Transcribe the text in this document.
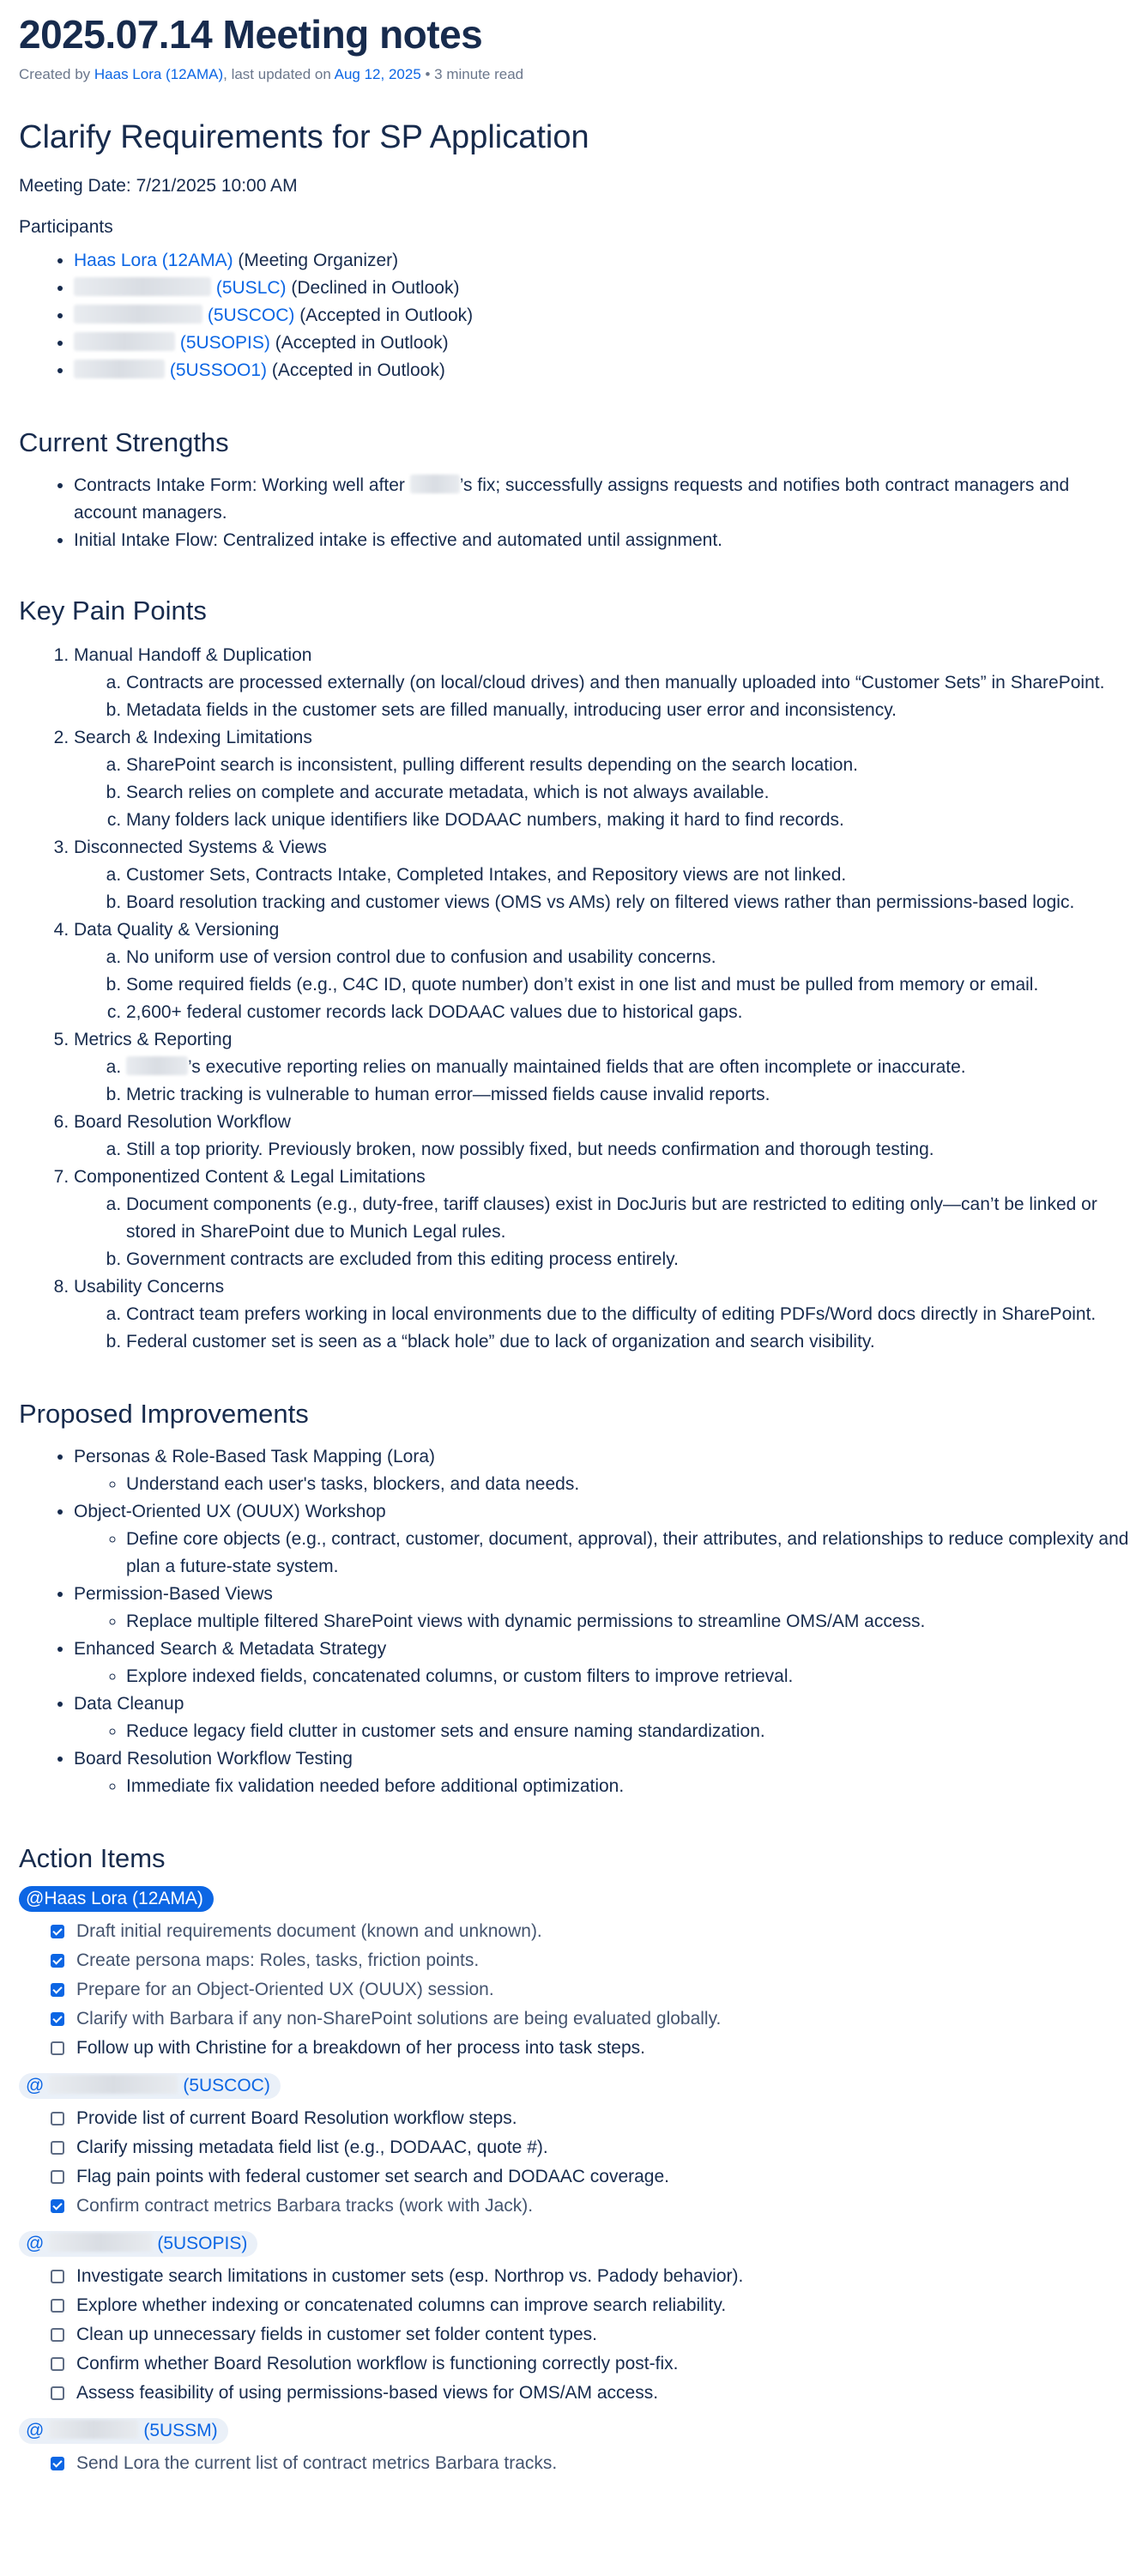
2025.07.14 Meeting notes
Created by Haas Lora (12AMA), last updated on Aug 12, 2025 • 3 minute read
Clarify Requirements for SP Application

Meeting Date: 7/21/2025 10:00 AM

Participants

• Haas Lora (12AMA) (Meeting Organizer)
• (5USLC) (Declined in Outlook)
• (5USCOC) (Accepted in Outlook)
• (5USOPIS) (Accepted in Outlook)
• (5USSOO1) (Accepted in Outlook)
Current Strengths
• Contracts Intake Form: Working well after	’s fix; successfully assigns requests and notifies both contract managers and account managers.
• Initial Intake Flow: Centralized intake is effective and automated until assignment.
Key Pain Points
1. Manual Handoff & Duplication
a. Contracts are processed externally (on local/cloud drives) and then manually uploaded into “Customer Sets” in SharePoint.
b. Metadata fields in the customer sets are filled manually, introducing user error and inconsistency.
2. Search & Indexing Limitations
a. SharePoint search is inconsistent, pulling different results depending on the search location.
b. Search relies on complete and accurate metadata, which is not always available.
c. Many folders lack unique identifiers like DODAAC numbers, making it hard to find records.
3. Disconnected Systems & Views
a. Customer Sets, Contracts Intake, Completed Intakes, and Repository views are not linked.
b. Board resolution tracking and customer views (OMS vs AMs) rely on filtered views rather than permissions-based logic.
4. Data Quality & Versioning
a. No uniform use of version control due to confusion and usability concerns.
b. Some required fields (e.g., C4C ID, quote number) don’t exist in one list and must be pulled from memory or email.
c. 2,600+ federal customer records lack DODAAC values due to historical gaps.
5. Metrics & Reporting
a. ’s executive reporting relies on manually maintained fields that are often incomplete or inaccurate.
b. Metric tracking is vulnerable to human error—missed fields cause invalid reports.
6. Board Resolution Workflow
a. Still a top priority. Previously broken, now possibly fixed, but needs confirmation and thorough testing.
7. Componentized Content & Legal Limitations
a. Document components (e.g., duty-free, tariff clauses) exist in DocJuris but are restricted to editing only—can’t be linked or stored in SharePoint due to Munich Legal rules.
b. Government contracts are excluded from this editing process entirely.
8. Usability Concerns
a. Contract team prefers working in local environments due to the difficulty of editing PDFs/Word docs directly in SharePoint.
b. Federal customer set is seen as a “black hole” due to lack of organization and search visibility.
Proposed Improvements
• Personas & Role-Based Task Mapping (Lora)
◦ Understand each user's tasks, blockers, and data needs.
• Object-Oriented UX (OUUX) Workshop
◦ Define core objects (e.g., contract, customer, document, approval), their attributes, and relationships to reduce complexity and plan a future-state system.
• Permission-Based Views
◦ Replace multiple filtered SharePoint views with dynamic permissions to streamline OMS/AM access.
• Enhanced Search & Metadata Strategy
◦ Explore indexed fields, concatenated columns, or custom filters to improve retrieval.
• Data Cleanup
◦ Reduce legacy field clutter in customer sets and ensure naming standardization.
• Board Resolution Workflow Testing
◦ Immediate fix validation needed before additional optimization.
Action Items
@Haas Lora (12AMA)
Draft initial requirements document (known and unknown).
Create persona maps: Roles, tasks, friction points.
Prepare for an Object-Oriented UX (OUUX) session.
Clarify with Barbara if any non-SharePoint solutions are being evaluated globally.
Follow up with Christine for a breakdown of her process into task steps.
@	(5USCOC)
Provide list of current Board Resolution workflow steps.
Clarify missing metadata field list (e.g., DODAAC, quote #).
Flag pain points with federal customer set search and DODAAC coverage.
Confirm contract metrics Barbara tracks (work with Jack).
@	(5USOPIS)
Investigate search limitations in customer sets (esp. Northrop vs. Padody behavior).
Explore whether indexing or concatenated columns can improve search reliability.
Clean up unnecessary fields in customer set folder content types.
Confirm whether Board Resolution workflow is functioning correctly post-fix.
Assess feasibility of using permissions-based views for OMS/AM access.
@	(5USSM)
Send Lora the current list of contract metrics Barbara tracks.
